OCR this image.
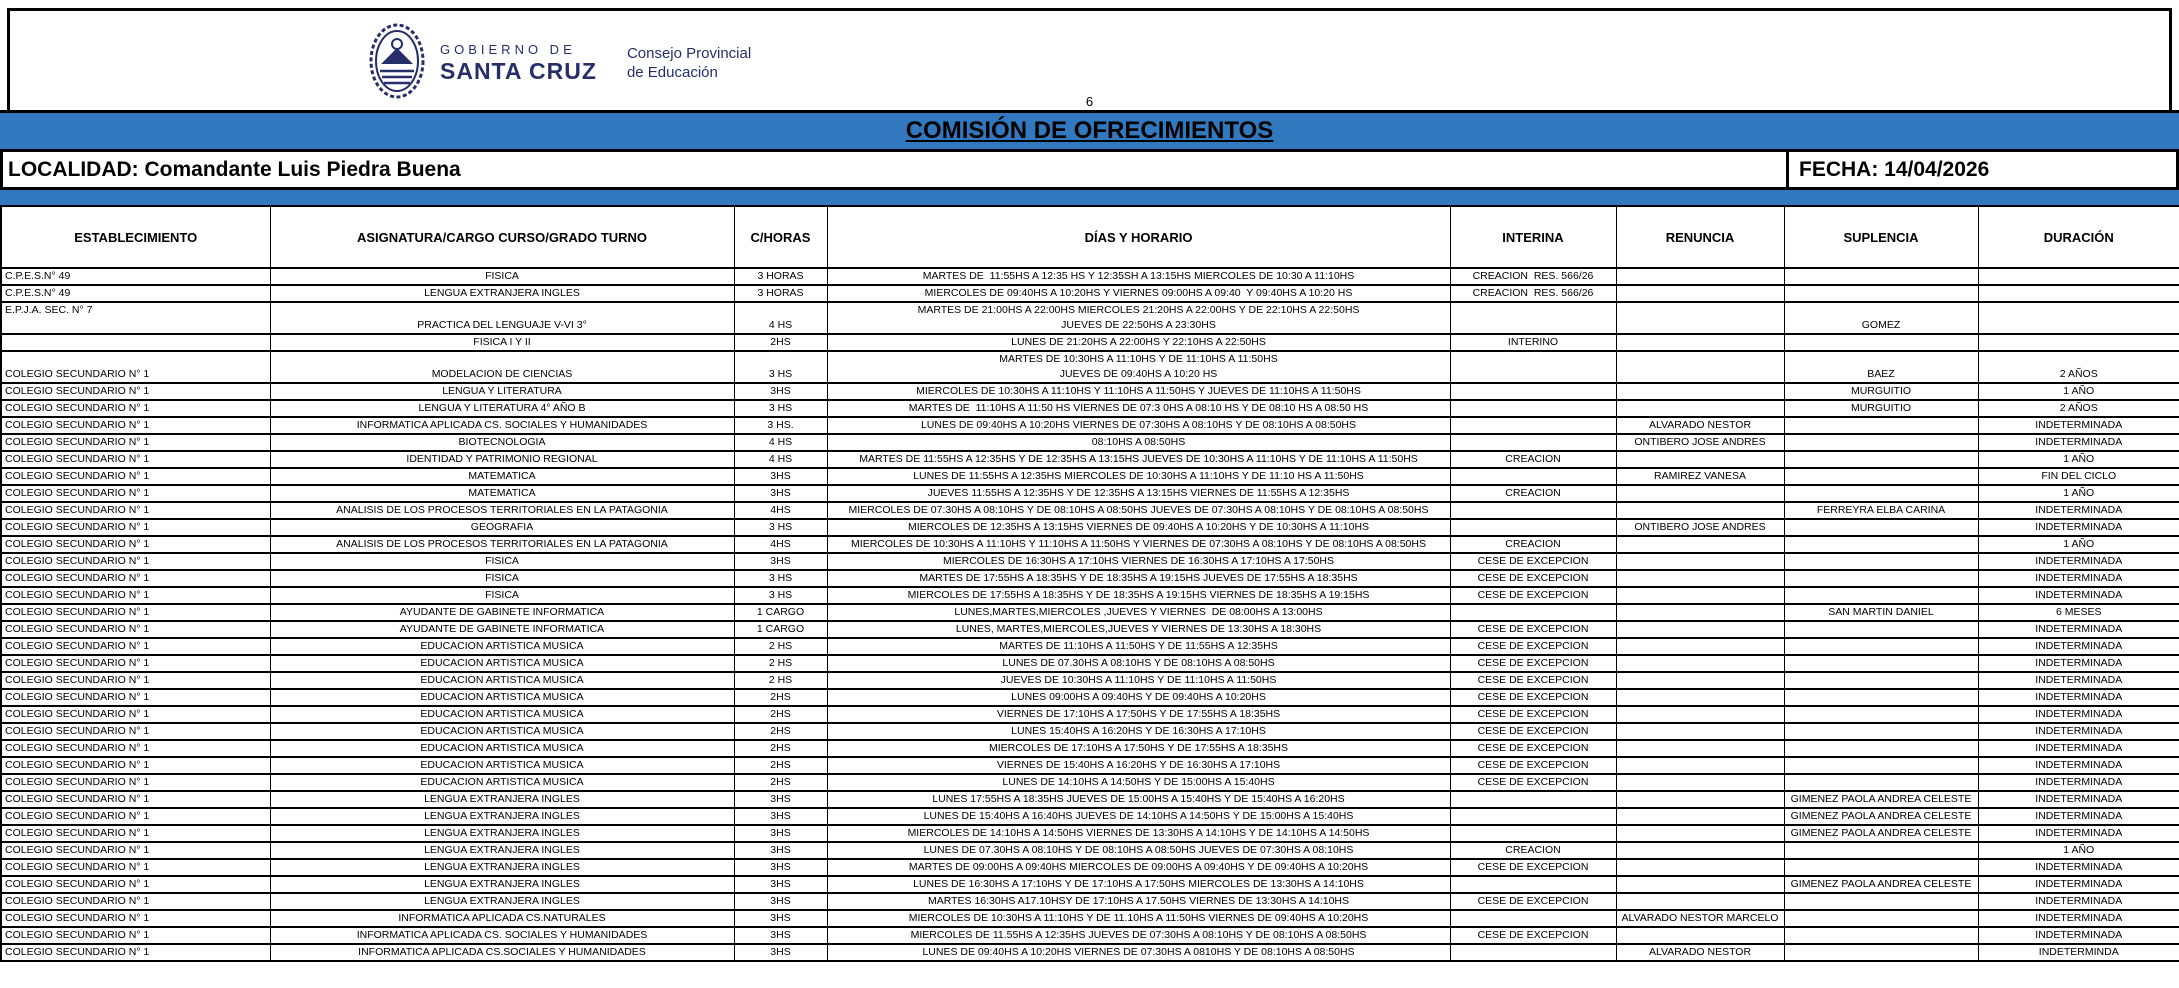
GOBIERNO DE
SANTA CRUZ
Consejo Provincial
de Educación
6
COMISIÓN DE OFRECIMIENTOS
LOCALIDAD: Comandante Luis Piedra Buena	FECHA: 14/04/2026
ESTABLECIMIENTO	ASIGNATURA/CARGO CURSO/GRADO TURNO	C/HORAS	DÍAS Y HORARIO	INTERINA	RENUNCIA	SUPLENCIA	DURACIÓN

C.P.E.S.N° 49	FISICA	3 HORAS	MARTES DE  11:55HS A 12:35 HS Y 12:35SH A 13:15HS MIERCOLES DE 10:30 A 11:10HS	CREACION  RES. 566/26			

C.P.E.S.N° 49	LENGUA EXTRANJERA INGLES	3 HORAS	MIERCOLES DE 09:40HS A 10:20HS Y VIERNES 09:00HS A 09:40  Y 09:40HS A 10:20 HS	CREACION  RES. 566/26			

E.P.J.A. SEC. N° 7	PRACTICA DEL LENGUAJE V-VI 3°	4 HS	MARTES DE 21:00HS A 22:00HS MIERCOLES 21:20HS A 22:00HS Y DE 22:10HS A 22:50HS
JUEVES DE 22:50HS A 23:30HS			GOMEZ	

	FISICA I Y II	2HS	LUNES DE 21:20HS A 22:00HS Y 22:10HS A 22:50HS	INTERINO			

COLEGIO SECUNDARIO N° 1	MODELACION DE CIENCIAS	3 HS	MARTES DE 10:30HS A 11:10HS Y DE 11:10HS A 11:50HS
JUEVES DE 09:40HS A 10:20 HS			BAEZ	2 AÑOS

COLEGIO SECUNDARIO N° 1	LENGUA Y LITERATURA	3HS	MIERCOLES DE 10:30HS A 11:10HS Y 11:10HS A 11:50HS Y JUEVES DE 11:10HS A 11:50HS			MURGUITIO	1 AÑO

COLEGIO SECUNDARIO N° 1	LENGUA Y LITERATURA 4° AÑO B	3 HS	MARTES DE  11:10HS A 11:50 HS VIERNES DE 07:3 0HS A 08:10 HS Y DE 08:10 HS A 08:50 HS			MURGUITIO	2 AÑOS

COLEGIO SECUNDARIO N° 1	INFORMATICA APLICADA CS. SOCIALES Y HUMANIDADES	3 HS.	LUNES DE 09:40HS A 10:20HS VIERNES DE 07:30HS A 08:10HS Y DE 08:10HS A 08:50HS		ALVARADO NESTOR		INDETERMINADA

COLEGIO SECUNDARIO N° 1	BIOTECNOLOGIA	4 HS	08:10HS A 08:50HS		ONTIBERO JOSE ANDRES		INDETERMINADA

COLEGIO SECUNDARIO N° 1	IDENTIDAD Y PATRIMONIO REGIONAL	4 HS	MARTES DE 11:55HS A 12:35HS Y DE 12:35HS A 13:15HS JUEVES DE 10:30HS A 11:10HS Y DE 11:10HS A 11:50HS	CREACION			1 AÑO

COLEGIO SECUNDARIO N° 1	MATEMATICA	3HS	LUNES DE 11:55HS A 12:35HS MIERCOLES DE 10:30HS A 11:10HS Y DE 11:10 HS A 11:50HS		RAMIREZ VANESA		FIN DEL CICLO

COLEGIO SECUNDARIO N° 1	MATEMATICA	3HS	JUEVES 11:55HS A 12:35HS Y DE 12:35HS A 13:15HS VIERNES DE 11:55HS A 12:35HS	CREACION			1 AÑO

COLEGIO SECUNDARIO N° 1	ANALISIS DE LOS PROCESOS TERRITORIALES EN LA PATAGONIA	4HS	MIERCOLES DE 07:30HS A 08:10HS Y DE 08:10HS A 08:50HS JUEVES DE 07:30HS A 08:10HS Y DE 08:10HS A 08:50HS			FERREYRA ELBA CARINA	INDETERMINADA

COLEGIO SECUNDARIO N° 1	GEOGRAFIA	3 HS	MIERCOLES DE 12:35HS A 13:15HS VIERNES DE 09:40HS A 10:20HS Y DE 10:30HS A 11:10HS		ONTIBERO JOSE ANDRES		INDETERMINADA

COLEGIO SECUNDARIO N° 1	ANALISIS DE LOS PROCESOS TERRITORIALES EN LA PATAGONIA	4HS	MIERCOLES DE 10:30HS A 11:10HS Y 11:10HS A 11:50HS Y VIERNES DE 07:30HS A 08:10HS Y DE 08:10HS A 08:50HS	CREACION			1 AÑO

COLEGIO SECUNDARIO N° 1	FISICA	3HS	MIERCOLES DE 16:30HS A 17:10HS VIERNES DE 16:30HS A 17:10HS A 17:50HS	CESE DE EXCEPCION			INDETERMINADA

COLEGIO SECUNDARIO N° 1	FISICA	3 HS	MARTES DE 17:55HS A 18:35HS Y DE 18:35HS A 19:15HS JUEVES DE 17:55HS A 18:35HS	CESE DE EXCEPCION			INDETERMINADA

COLEGIO SECUNDARIO N° 1	FISICA	3 HS	MIERCOLES DE 17:55HS A 18:35HS Y DE 18:35HS A 19:15HS VIERNES DE 18:35HS A 19:15HS	CESE DE EXCEPCION			INDETERMINADA

COLEGIO SECUNDARIO N° 1	AYUDANTE DE GABINETE INFORMATICA	1 CARGO	LUNES,MARTES,MIERCOLES ,JUEVES Y VIERNES  DE 08:00HS A 13:00HS			SAN MARTIN DANIEL	6 MESES

COLEGIO SECUNDARIO N° 1	AYUDANTE DE GABINETE INFORMATICA	1 CARGO	LUNES, MARTES,MIERCOLES,JUEVES Y VIERNES DE 13:30HS A 18:30HS	CESE DE EXCEPCION			INDETERMINADA

COLEGIO SECUNDARIO N° 1	EDUCACION ARTISTICA MUSICA	2 HS	MARTES DE 11:10HS A 11:50HS Y DE 11:55HS A 12:35HS	CESE DE EXCEPCION			INDETERMINADA

COLEGIO SECUNDARIO N° 1	EDUCACION ARTISTICA MUSICA	2 HS	LUNES DE 07.30HS A 08:10HS Y DE 08:10HS A 08:50HS	CESE DE EXCEPCION			INDETERMINADA

COLEGIO SECUNDARIO N° 1	EDUCACION ARTISTICA MUSICA	2 HS	JUEVES DE 10:30HS A 11:10HS Y DE 11:10HS A 11:50HS	CESE DE EXCEPCION			INDETERMINADA

COLEGIO SECUNDARIO N° 1	EDUCACION ARTISTICA MUSICA	2HS	LUNES 09:00HS A 09:40HS Y DE 09:40HS A 10:20HS	CESE DE EXCEPCION			INDETERMINADA

COLEGIO SECUNDARIO N° 1	EDUCACION ARTISTICA MUSICA	2HS	VIERNES DE 17:10HS A 17:50HS Y DE 17:55HS A 18:35HS	CESE DE EXCEPCION			INDETERMINADA

COLEGIO SECUNDARIO N° 1	EDUCACION ARTISTICA MUSICA	2HS	LUNES 15:40HS A 16:20HS Y DE 16:30HS A 17:10HS	CESE DE EXCEPCION			INDETERMINADA

COLEGIO SECUNDARIO N° 1	EDUCACION ARTISTICA MUSICA	2HS	MIERCOLES DE 17:10HS A 17:50HS Y DE 17:55HS A 18:35HS	CESE DE EXCEPCION			INDETERMINADA

COLEGIO SECUNDARIO N° 1	EDUCACION ARTISTICA MUSICA	2HS	VIERNES DE 15:40HS A 16:20HS Y DE 16:30HS A 17:10HS	CESE DE EXCEPCION			INDETERMINADA

COLEGIO SECUNDARIO N° 1	EDUCACION ARTISTICA MUSICA	2HS	LUNES DE 14:10HS A 14:50HS Y DE 15:00HS A 15:40HS	CESE DE EXCEPCION			INDETERMINADA

COLEGIO SECUNDARIO N° 1	LENGUA EXTRANJERA INGLES	3HS	LUNES 17:55HS A 18:35HS JUEVES DE 15:00HS A 15:40HS Y DE 15:40HS A 16:20HS			GIMENEZ PAOLA ANDREA CELESTE	INDETERMINADA

COLEGIO SECUNDARIO N° 1	LENGUA EXTRANJERA INGLES	3HS	LUNES DE 15:40HS A 16:40HS JUEVES DE 14:10HS A 14:50HS Y DE 15:00HS A 15:40HS			GIMENEZ PAOLA ANDREA CELESTE	INDETERMINADA

COLEGIO SECUNDARIO N° 1	LENGUA EXTRANJERA INGLES	3HS	MIERCOLES DE 14:10HS A 14:50HS VIERNES DE 13:30HS A 14:10HS Y DE 14:10HS A 14:50HS			GIMENEZ PAOLA ANDREA CELESTE	INDETERMINADA

COLEGIO SECUNDARIO N° 1	LENGUA EXTRANJERA INGLES	3HS	LUNES DE 07.30HS A 08:10HS Y DE 08:10HS A 08:50HS JUEVES DE 07:30HS A 08:10HS	CREACION			1 AÑO

COLEGIO SECUNDARIO N° 1	LENGUA EXTRANJERA INGLES	3HS	MARTES DE 09:00HS A 09:40HS MIERCOLES DE 09:00HS A 09:40HS Y DE 09:40HS A 10:20HS	CESE DE EXCEPCION			INDETERMINADA

COLEGIO SECUNDARIO N° 1	LENGUA EXTRANJERA INGLES	3HS	LUNES DE 16:30HS A 17:10HS Y DE 17:10HS A 17:50HS MIERCOLES DE 13:30HS A 14:10HS			GIMENEZ PAOLA ANDREA CELESTE	INDETERMINADA

COLEGIO SECUNDARIO N° 1	LENGUA EXTRANJERA INGLES	3HS	MARTES 16:30HS A17.10HSY DE 17:10HS A 17.50HS VIERNES DE 13:30HS A 14:10HS	CESE DE EXCEPCION			INDETERMINADA

COLEGIO SECUNDARIO N° 1	INFORMATICA APLICADA CS.NATURALES	3HS	MIERCOLES DE 10:30HS A 11:10HS Y DE 11.10HS A 11:50HS VIERNES DE 09:40HS A 10:20HS		ALVARADO NESTOR MARCELO		INDETERMINADA

COLEGIO SECUNDARIO N° 1	INFORMATICA APLICADA CS. SOCIALES Y HUMANIDADES	3HS	MIERCOLES DE 11.55HS A 12:35HS JUEVES DE 07:30HS A 08:10HS Y DE 08:10HS A 08:50HS	CESE DE EXCEPCION			INDETERMINADA

COLEGIO SECUNDARIO N° 1	INFORMATICA APLICADA CS.SOCIALES Y HUMANIDADES	3HS	LUNES DE 09:40HS A 10:20HS VIERNES DE 07:30HS A 0810HS Y DE 08:10HS A 08:50HS		ALVARADO NESTOR		INDETERMINDA
